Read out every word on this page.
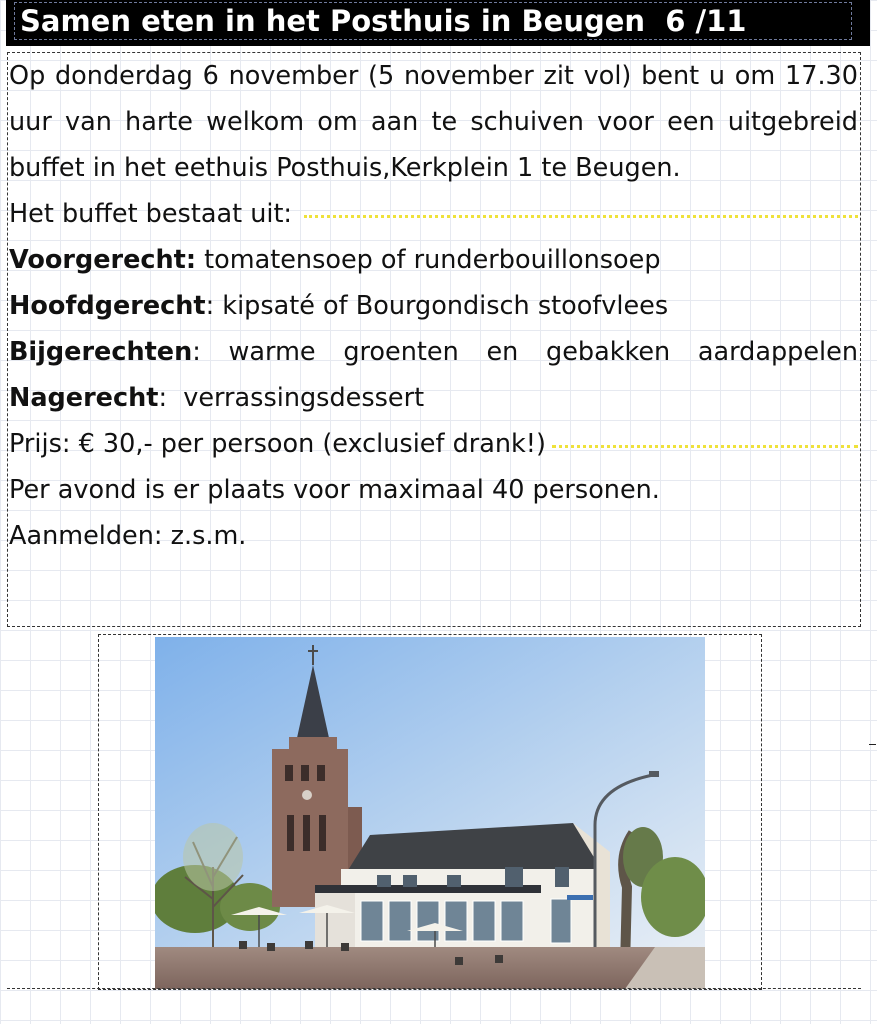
Samen eten in het Posthuis in Beugen  6 /11

Op donderdag 6 november (5 november zit vol) bent u om 17.30 uur van harte welkom om aan te schuiven voor een uitgebreid buffet in het eethuis Posthuis,Kerkplein 1 te Beugen.

Het buffet bestaat uit:
Voorgerecht : tomatensoep of runderbouillonsoep
Hoofdgerecht : kipsaté of Bourgondisch stoofvlees
Bijgerechten: warme groenten en gebakken aardappelen
Nagerecht : verrassingsdessert
Prijs: € 30,- per persoon (exclusief drank!)
Per avond is er plaats voor maximaal 40 personen.
Aanmelden: z.s.m.
